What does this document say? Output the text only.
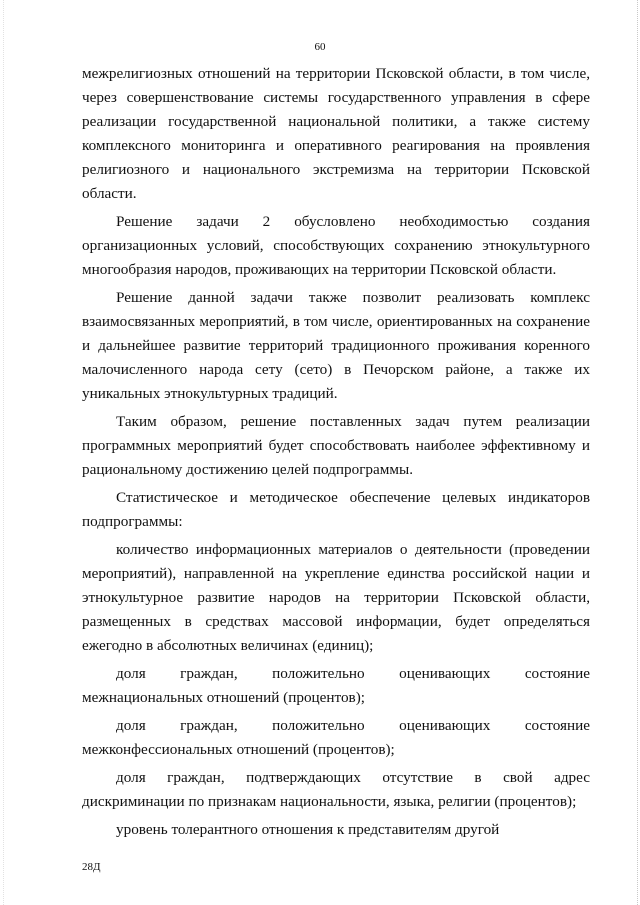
60

межрелигиозных отношений на территории Псковской области, в том числе, через совершенствование системы государственного управления в сфере реализации государственной национальной политики, а также систему комплексного мониторинга и оперативного реагирования на проявления религиозного и национального экстремизма на территории Псковской области.

Решение задачи 2 обусловлено необходимостью создания организационных условий, способствующих сохранению этнокультурного многообразия народов, проживающих на территории Псковской области.

Решение данной задачи также позволит реализовать комплекс взаимосвязанных мероприятий, в том числе, ориентированных на сохранение и дальнейшее развитие территорий традиционного проживания коренного малочисленного народа сету (сето) в Печорском районе, а также их уникальных этнокультурных традиций.

Таким образом, решение поставленных задач путем реализации программных мероприятий будет способствовать наиболее эффективному и рациональному достижению целей подпрограммы.

Статистическое и методическое обеспечение целевых индикаторов подпрограммы:

количество информационных материалов о деятельности (проведении мероприятий), направленной на укрепление единства российской нации и этнокультурное развитие народов на территории Псковской области, размещенных в средствах массовой информации, будет определяться ежегодно в абсолютных величинах (единиц);

доля граждан, положительно оценивающих состояние межнациональных отношений (процентов);

доля граждан, положительно оценивающих состояние межконфессиональных отношений (процентов);

доля граждан, подтверждающих отсутствие в свой адрес дискриминации по признакам национальности, языка, религии (процентов);

уровень толерантного отношения к представителям другой

28Д
